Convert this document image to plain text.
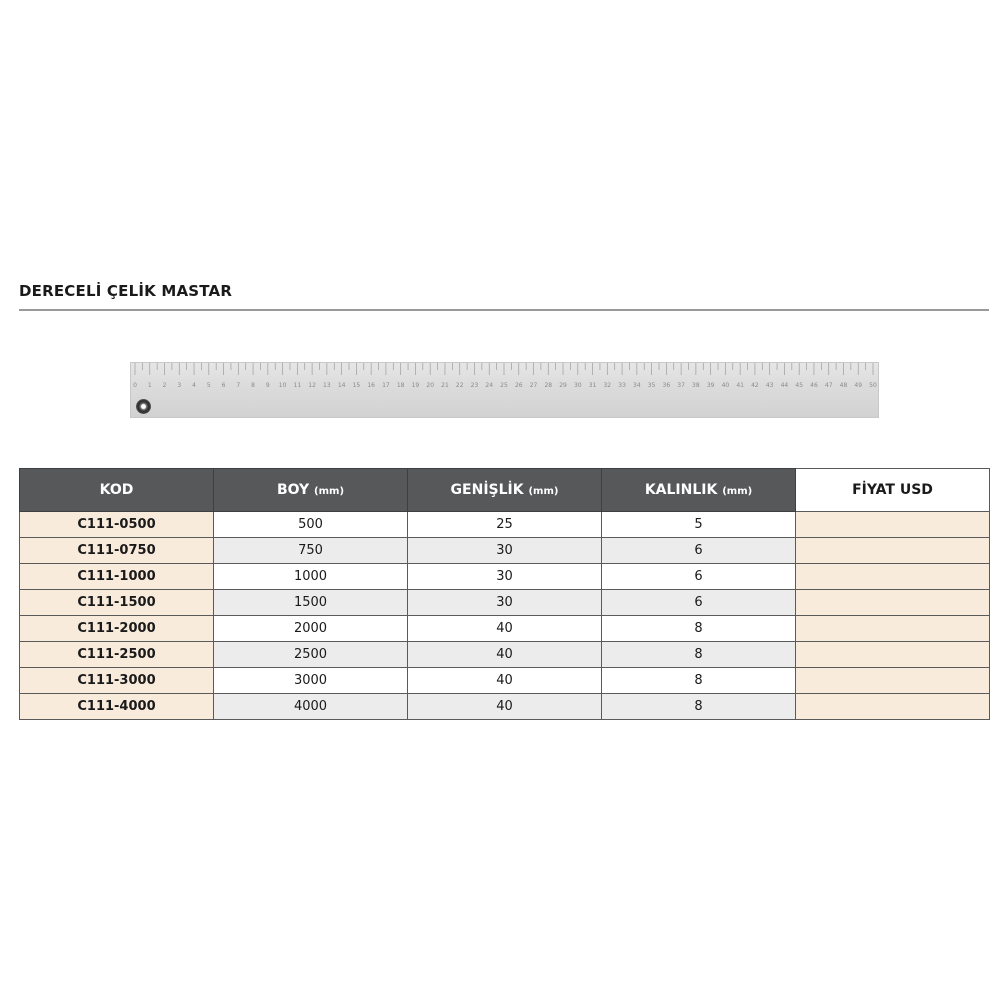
DERECELİ ÇELİK MASTAR
0 1 2 3 4 5 6 7 8 9 10 11 12 13 14 15 16 17 18 19 20 21 22 23 24 25 26 27 28 29 30 31 32 33 34 35 36 37 38 39 40 41 42 43 44 45 46 47 48 49 50
KOD	BOY (mm)	GENİŞLİK (mm)	KALINLIK (mm)	FİYAT USD
C111-0500	500	25	5	
C111-0750	750	30	6	
C111-1000	1000	30	6	
C111-1500	1500	30	6	
C111-2000	2000	40	8	
C111-2500	2500	40	8	
C111-3000	3000	40	8	
C111-4000	4000	40	8	
